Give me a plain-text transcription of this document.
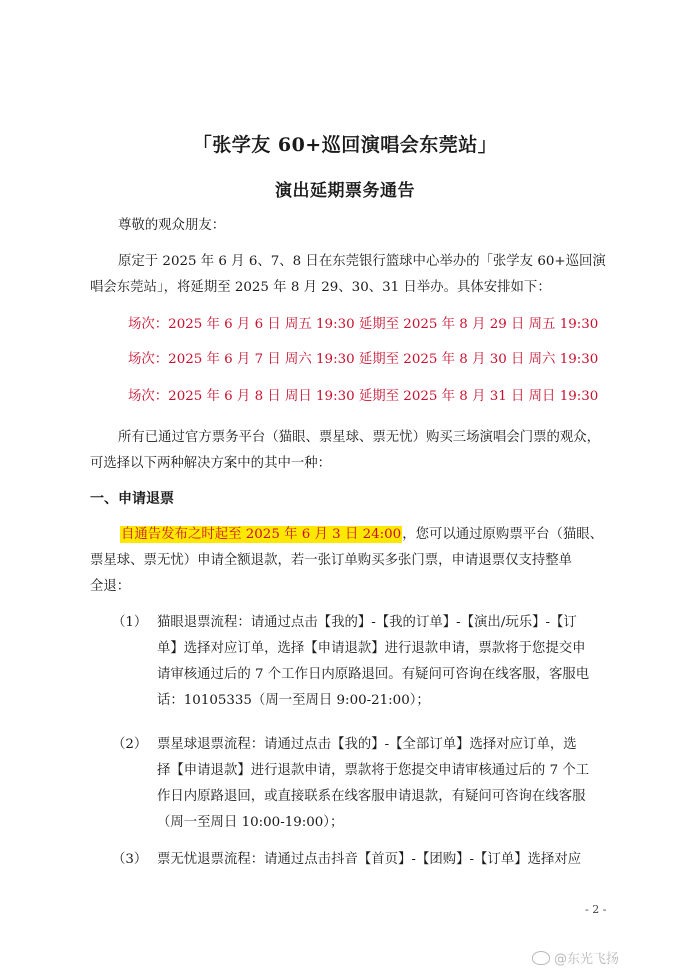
「张学友 60+巡回演唱会东莞站」
演出延期票务通告
尊敬的观众朋友：
原定于 2025 年 6 月 6、7、8 日在东莞银行篮球中心举办的「张学友 60+巡回演
唱会东莞站」，将延期至 2025 年 8 月 29、30、31 日举办。具体安排如下：
场次：2025 年 6 月 6 日 周五 19:30 延期至 2025 年 8 月 29 日 周五 19:30
场次：2025 年 6 月 7 日 周六 19:30 延期至 2025 年 8 月 30 日 周六 19:30
场次：2025 年 6 月 8 日 周日 19:30 延期至 2025 年 8 月 31 日 周日 19:30
所有已通过官方票务平台（猫眼、票星球、票无忧）购买三场演唱会门票的观众，
可选择以下两种解决方案中的其中一种：
一、申请退票
自通告发布之时起至 2025 年 6 月 3 日 24:00，您可以通过原购票平台（猫眼、
票星球、票无忧）申请全额退款，若一张订单购买多张门票，申请退票仅支持整单
全退：
（1） 猫眼退票流程：请通过点击【我的】-【我的订单】-【演出/玩乐】-【订
单】选择对应订单，选择【申请退款】进行退款申请，票款将于您提交申
请审核通过后的 7 个工作日内原路退回。有疑问可咨询在线客服，客服电
话：10105335（周一至周日 9:00-21:00）；
（2） 票星球退票流程：请通过点击【我的】-【全部订单】选择对应订单，选
择【申请退款】进行退款申请，票款将于您提交申请审核通过后的 7 个工
作日内原路退回，或直接联系在线客服申请退款，有疑问可咨询在线客服
（周一至周日 10:00-19:00）；
（3） 票无忧退票流程：请通过点击抖音【首页】-【团购】-【订单】选择对应
- 2 -
@东光飞扬
